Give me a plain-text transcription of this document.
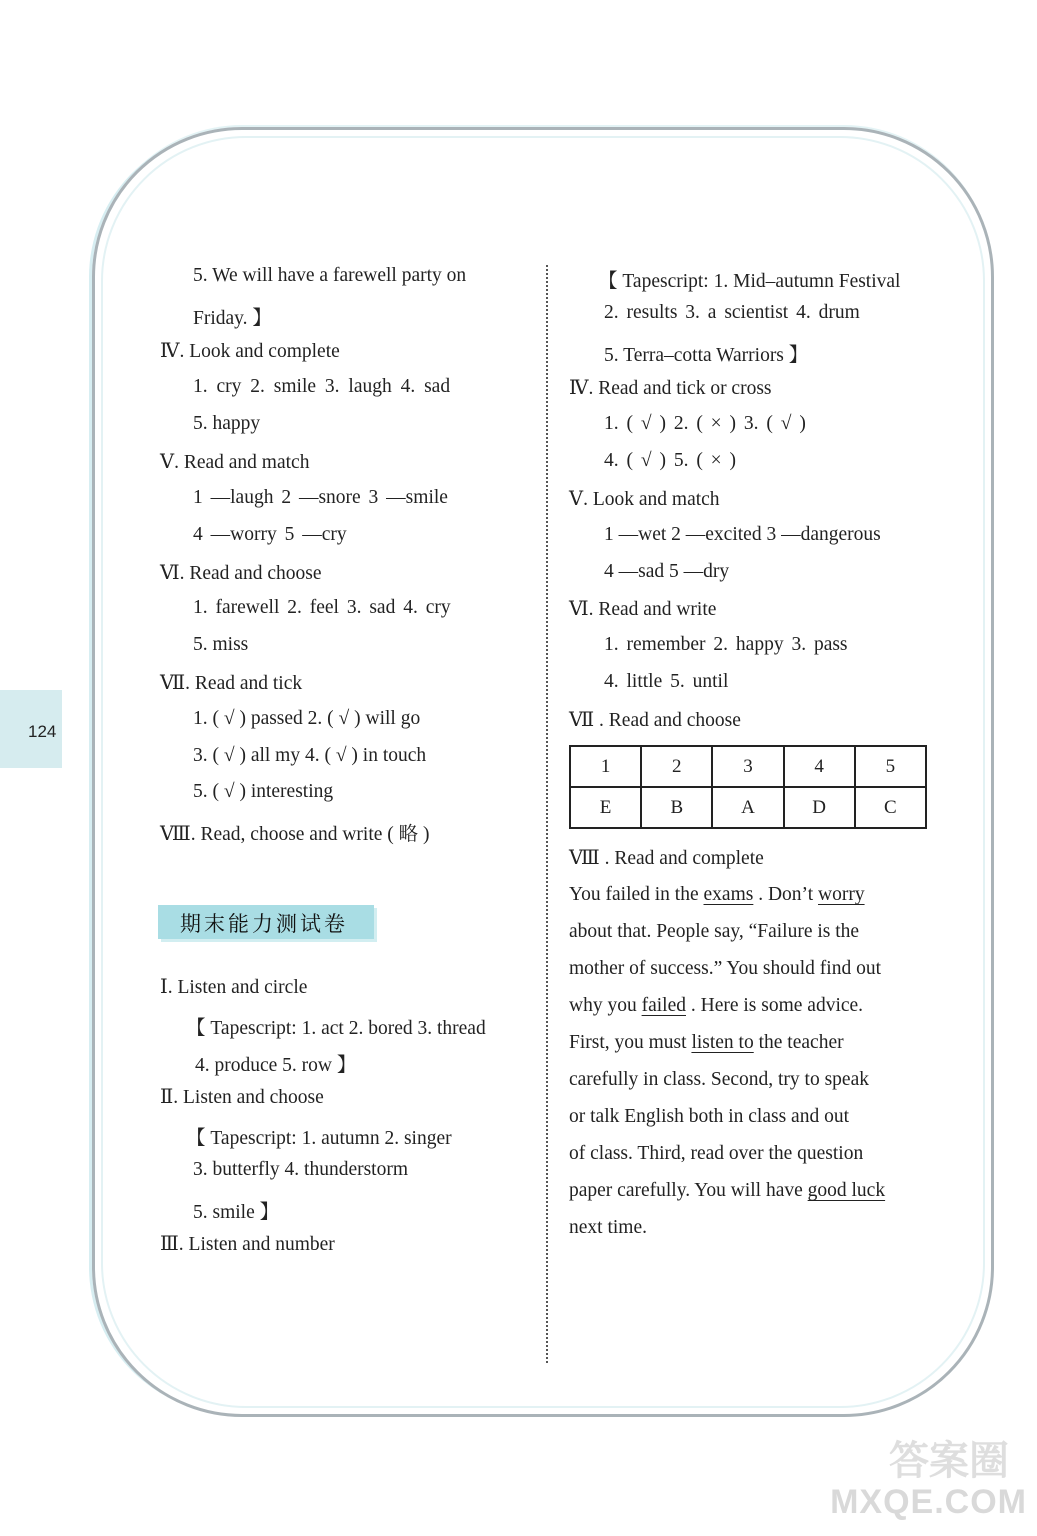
124
5. We will have a farewell party on
Friday. 】
Ⅳ. Look and complete
1. cry 2. smile 3. laugh 4. sad
5. happy
Ⅴ. Read and match
1 —laugh 2 —snore 3 —smile
4 —worry 5 —cry
Ⅵ. Read and choose
1. farewell 2. feel 3. sad 4. cry
5. miss
Ⅶ. Read and tick
1. ( √ ) passed 2. ( √ ) will go
3. ( √ ) all my 4. ( √ ) in touch
5. ( √ ) interesting
Ⅷ. Read, choose and write ( 略 )
期末能力测试卷
Ⅰ. Listen and circle
【 Tapescript: 1. act 2. bored 3. thread
4. produce 5. row 】
Ⅱ. Listen and choose
【 Tapescript: 1. autumn 2. singer
3. butterfly 4. thunderstorm
5. smile 】
Ⅲ. Listen and number
【 Tapescript: 1. Mid–autumn Festival
2. results 3. a scientist 4. drum
5. Terra–cotta Warriors 】
Ⅳ. Read and tick or cross
1. ( √ ) 2. ( × ) 3. ( √ )
4. ( √ ) 5. ( × )
Ⅴ. Look and match
1 —wet 2 —excited 3 —dangerous
4 —sad 5 —dry
Ⅵ. Read and write
1. remember 2. happy 3. pass
4. little 5. until
Ⅶ . Read and choose
1	2	3	4	5
E	B	A	D	C
Ⅷ . Read and complete
You failed in the exams . Don’t worry
about that. People say, “Failure is the
mother of success.” You should find out
why you failed . Here is some advice.
First, you must listen to the teacher
carefully in class. Second, try to speak
or talk English both in class and out
of class. Third, read over the question
paper carefully. You will have good luck
next time.
答案圈
MXQE.COM
